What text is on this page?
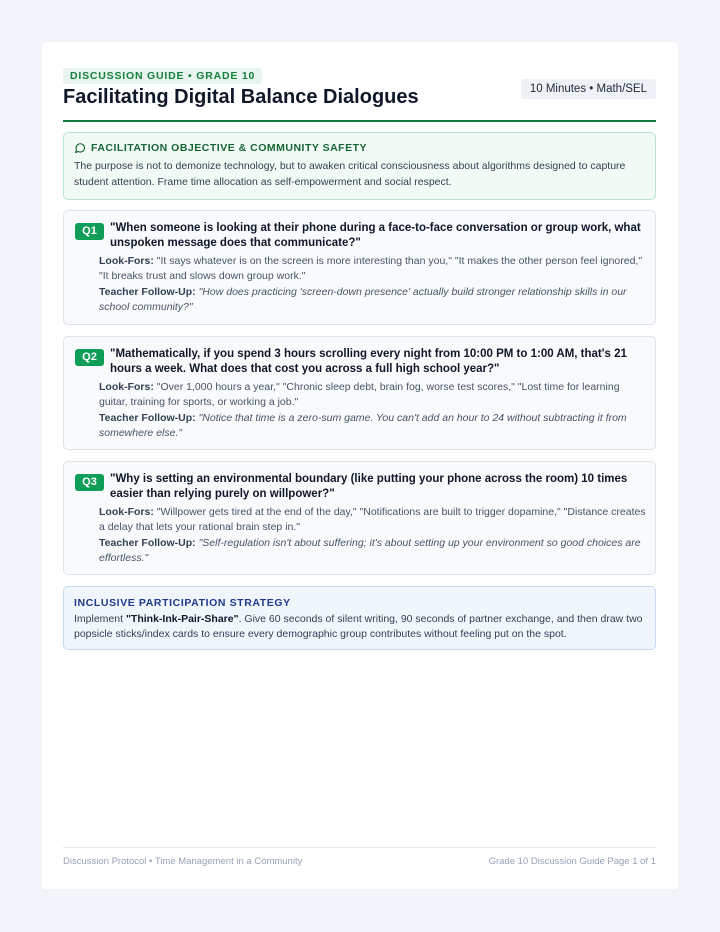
DISCUSSION GUIDE • GRADE 10
Facilitating Digital Balance Dialogues	10 Minutes • Math/SEL
FACILITATION OBJECTIVE & COMMUNITY SAFETY

The purpose is not to demonize technology, but to awaken critical consciousness about algorithms designed to capture student attention. Frame time allocation as self-empowerment and social respect.

Q1	"When someone is looking at their phone during a face-to-face conversation or group work, what unspoken message does that communicate?"
Look-Fors: "It says whatever is on the screen is more interesting than you," "It makes the other person feel ignored," "It breaks trust and slows down group work."
Teacher Follow-Up: "How does practicing 'screen-down presence' actually build stronger relationship skills in our school community?"
Q2	"Mathematically, if you spend 3 hours scrolling every night from 10:00 PM to 1:00 AM, that's 21 hours a week. What does that cost you across a full high school year?"
Look-Fors: "Over 1,000 hours a year," "Chronic sleep debt, brain fog, worse test scores," "Lost time for learning guitar, training for sports, or working a job."
Teacher Follow-Up: "Notice that time is a zero-sum game. You can't add an hour to 24 without subtracting it from somewhere else."
Q3	"Why is setting an environmental boundary (like putting your phone across the room) 10 times easier than relying purely on willpower?"
Look-Fors: "Willpower gets tired at the end of the day," "Notifications are built to trigger dopamine," "Distance creates a delay that lets your rational brain step in."
Teacher Follow-Up: "Self-regulation isn't about suffering; it's about setting up your environment so good choices are effortless."
INCLUSIVE PARTICIPATION STRATEGY

Implement "Think-Ink-Pair-Share". Give 60 seconds of silent writing, 90 seconds of partner exchange, and then draw two popsicle sticks/index cards to ensure every demographic group contributes without feeling put on the spot.

Discussion Protocol • Time Management in a Community	Grade 10 Discussion Guide Page 1 of 1
